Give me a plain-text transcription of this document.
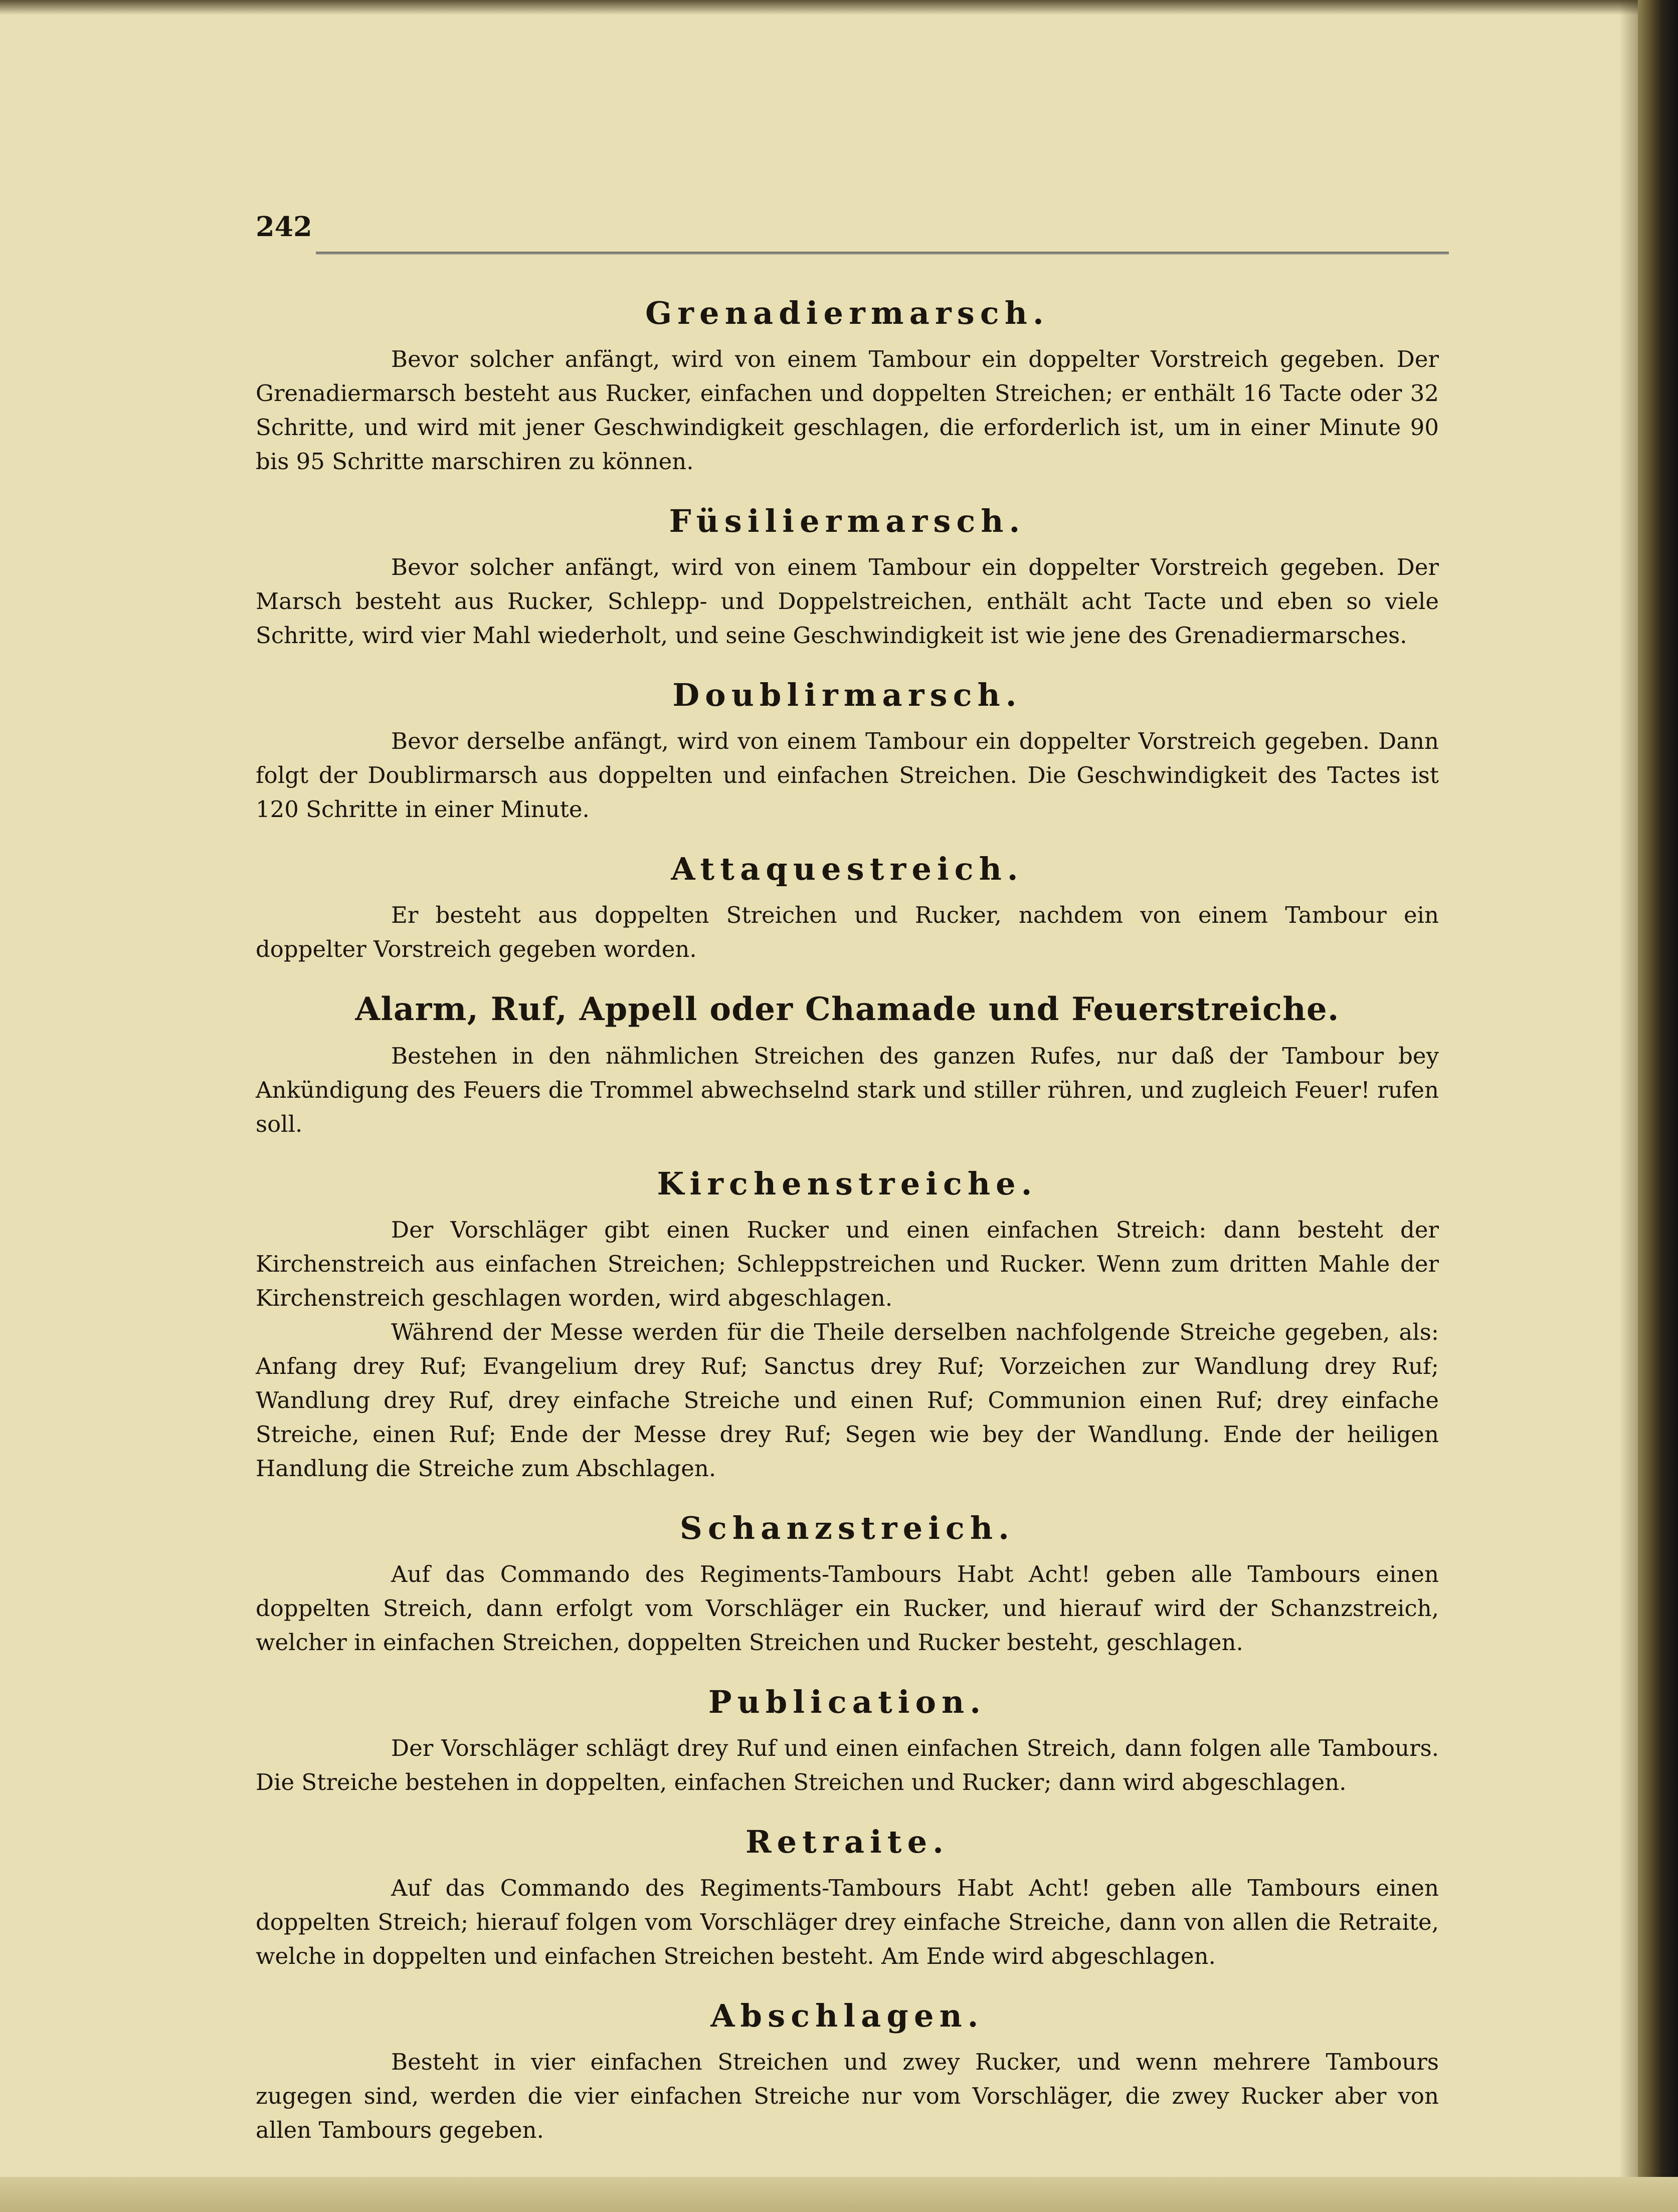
242
Grenadiermarsch.

Bevor solcher anfängt, wird von einem Tambour ein doppelter Vorstreich gegeben. Der Grenadiermarsch besteht aus Rucker, einfachen und doppelten Streichen; er enthält 16 Tacte oder 32 Schritte, und wird mit jener Geschwindigkeit geschlagen, die erforderlich ist, um in einer Minute 90 bis 95 Schritte marschiren zu können.

Füsiliermarsch.

Bevor solcher anfängt, wird von einem Tambour ein doppelter Vorstreich gegeben. Der Marsch besteht aus Rucker, Schlepp- und Doppelstreichen, enthält acht Tacte und eben so viele Schritte, wird vier Mahl wiederholt, und seine Geschwindigkeit ist wie jene des Grenadiermarsches.

Doublirmarsch.

Bevor derselbe anfängt, wird von einem Tambour ein doppelter Vorstreich gegeben. Dann folgt der Doublirmarsch aus doppelten und einfachen Streichen. Die Geschwindigkeit des Tactes ist 120 Schritte in einer Minute.

Attaquestreich.

Er besteht aus doppelten Streichen und Rucker, nachdem von einem Tambour ein doppelter Vorstreich gegeben worden.

Alarm, Ruf, Appell oder Chamade und Feuerstreiche.

Bestehen in den nähmlichen Streichen des ganzen Rufes, nur daß der Tambour bey Ankündigung des Feuers die Trommel abwechselnd stark und stiller rühren, und zugleich Feuer! rufen soll.

Kirchenstreiche.

Der Vorschläger gibt einen Rucker und einen einfachen Streich: dann besteht der Kirchenstreich aus einfachen Streichen; Schleppstreichen und Rucker. Wenn zum dritten Mahle der Kirchenstreich geschlagen worden, wird abgeschlagen.

Während der Messe werden für die Theile derselben nachfolgende Streiche gegeben, als: Anfang drey Ruf; Evangelium drey Ruf; Sanctus drey Ruf; Vorzeichen zur Wandlung drey Ruf; Wandlung drey Ruf, drey einfache Streiche und einen Ruf; Communion einen Ruf; drey einfache Streiche, einen Ruf; Ende der Messe drey Ruf; Segen wie bey der Wandlung. Ende der heiligen Handlung die Streiche zum Abschlagen.

Schanzstreich.

Auf das Commando des Regiments-Tambours Habt Acht! geben alle Tambours einen doppelten Streich, dann erfolgt vom Vorschläger ein Rucker, und hierauf wird der Schanzstreich, welcher in einfachen Streichen, doppelten Streichen und Rucker besteht, geschlagen.

Publication.

Der Vorschläger schlägt drey Ruf und einen einfachen Streich, dann folgen alle Tambours. Die Streiche bestehen in doppelten, einfachen Streichen und Rucker; dann wird abgeschlagen.

Retraite.

Auf das Commando des Regiments-Tambours Habt Acht! geben alle Tambours einen doppelten Streich; hierauf folgen vom Vorschläger drey einfache Streiche, dann von allen die Retraite, welche in doppelten und einfachen Streichen besteht. Am Ende wird abgeschlagen.

Abschlagen.

Besteht in vier einfachen Streichen und zwey Rucker, und wenn mehrere Tambours zugegen sind, werden die vier einfachen Streiche nur vom Vorschläger, die zwey Rucker aber von allen Tambours gegeben.
